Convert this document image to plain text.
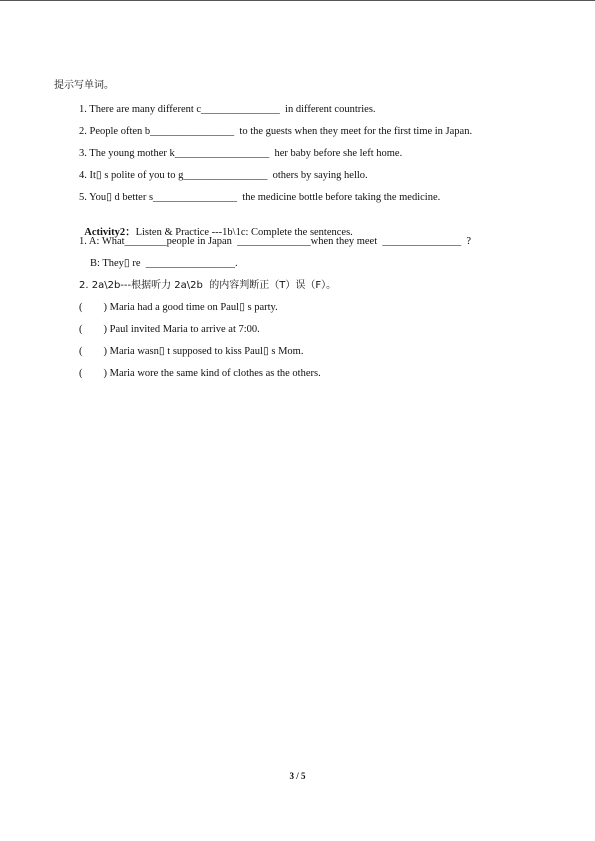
提示写单词。
1. There are many different c_______________  in different countries.
2. People often b________________  to the guests when they meet for the first time in Japan.
3. The young mother k__________________  her baby before she left home.
4. It▯ s polite of you to g________________  others by saying hello.
5. You▯ d better s________________  the medicine bottle before taking the medicine.

Activity2：Listen & Practice ---1b\1c: Complete the sentences.

1. A: What________people in Japan  ______________when they meet  _______________  ?
B: They▯ re  _________________.
2. 2a\2b---根据听力 2a\2b  的内容判断正（T）误（F）。
(        ) Maria had a good time on Paul▯ s party.
(        ) Paul invited Maria to arrive at 7:00.
(        ) Maria wasn▯ t supposed to kiss Paul▯ s Mom.
(        ) Maria wore the same kind of clothes as the others.
3 / 5
